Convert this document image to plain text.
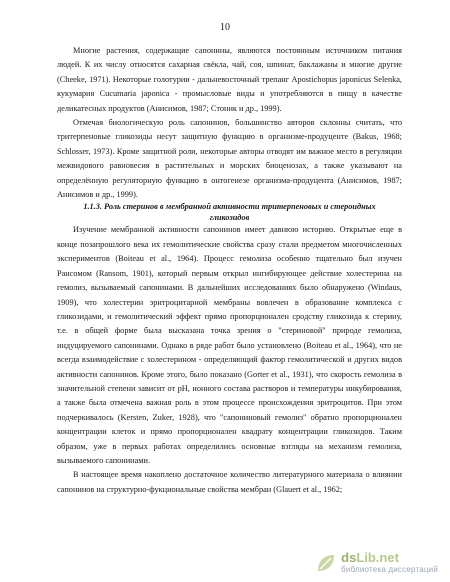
10

Многие растения, содержащие сапонины, являются постоянным источником питания людей. К их числу относятся сахарная свёкла, чай, соя, шпинат, баклажаны и многие другие (Cheeke, 1971). Некоторые голотурии - дальневосточный трепанг Apostichopus japonicus Selenka, кукумария Cucumaria japonica - промысловые виды и употребляются в пищу в качестве деликатесных продуктов (Анисимов, 1987; Стоник и др., 1999).

Отмечая биологическую роль сапонинов, большинство авторов склонны считать, что тритерпеновые гликозиды несут защитную функцию в организме-продуценте (Bakus, 1968; Schlosser, 1973). Кроме защитной роли, некоторые авторы отводят им важное место в регуляции межвидового равновесия в растительных и морских биоценозах, а также указывают на определённую регуляторную функцию в онтогенезе организма-продуцента (Анисимов, 1987; Анисимов и др., 1999).

1.1.3. Роль стеринов в мембранной активности тритерпеновых и стероидных гликозидов

Изучение мембранной активности сапонинов имеет давнюю историю. Открытые еще в конце позапрошлого века их гемолитические свойства сразу стали предметом многочисленных экспериментов (Boiteau et al., 1964). Процесс гемолиза особенно тщательно был изучен Рансомом (Ransom, 1901), который первым открыл ингибирующее действие холестерина на гемолиз, вызываемый сапонинами. В дальнейших исследованиях было обнаружено (Windaus, 1909), что холестерин эритроцитарной мембраны вовлечен в образование комплекса с гликозидами, и гемолитический эффект прямо пропорционален сродству гликозида к стерину, т.е. в общей форме была высказана точка зрения о "стериновой" природе гемолиза, индуцируемого сапонинами. Однако в ряде работ было установлено (Boiteau et al., 1964), что не всегда взаимодействие с холестерином - определяющий фактор гемолитической и других видов активности сапонинов. Кроме этого, было показано (Gorter et al., 1931), что скорость гемолиза в значительной степени зависит от pH, ионного состава растворов и температуры инкубирования, а также была отмечена важная роль в этом процессе происхождения эритроцитов. При этом подчеркивалось (Kersten, Zuker, 1928), что "сапониновый гемолиз" обратно пропорционален концентрации клеток и прямо пропорционален квадрату концентрации гликозидов. Таким образом, уже в первых работах определились основные взгляды на механизм гемолиза, вызываемого сапонинами.

В настоящее время накоплено достаточное количество литературного материала о влиянии сапонинов на структурно-фукциональные свойства мембран (Glauert et al., 1962;

dsLib.net
библиотека диссертаций
